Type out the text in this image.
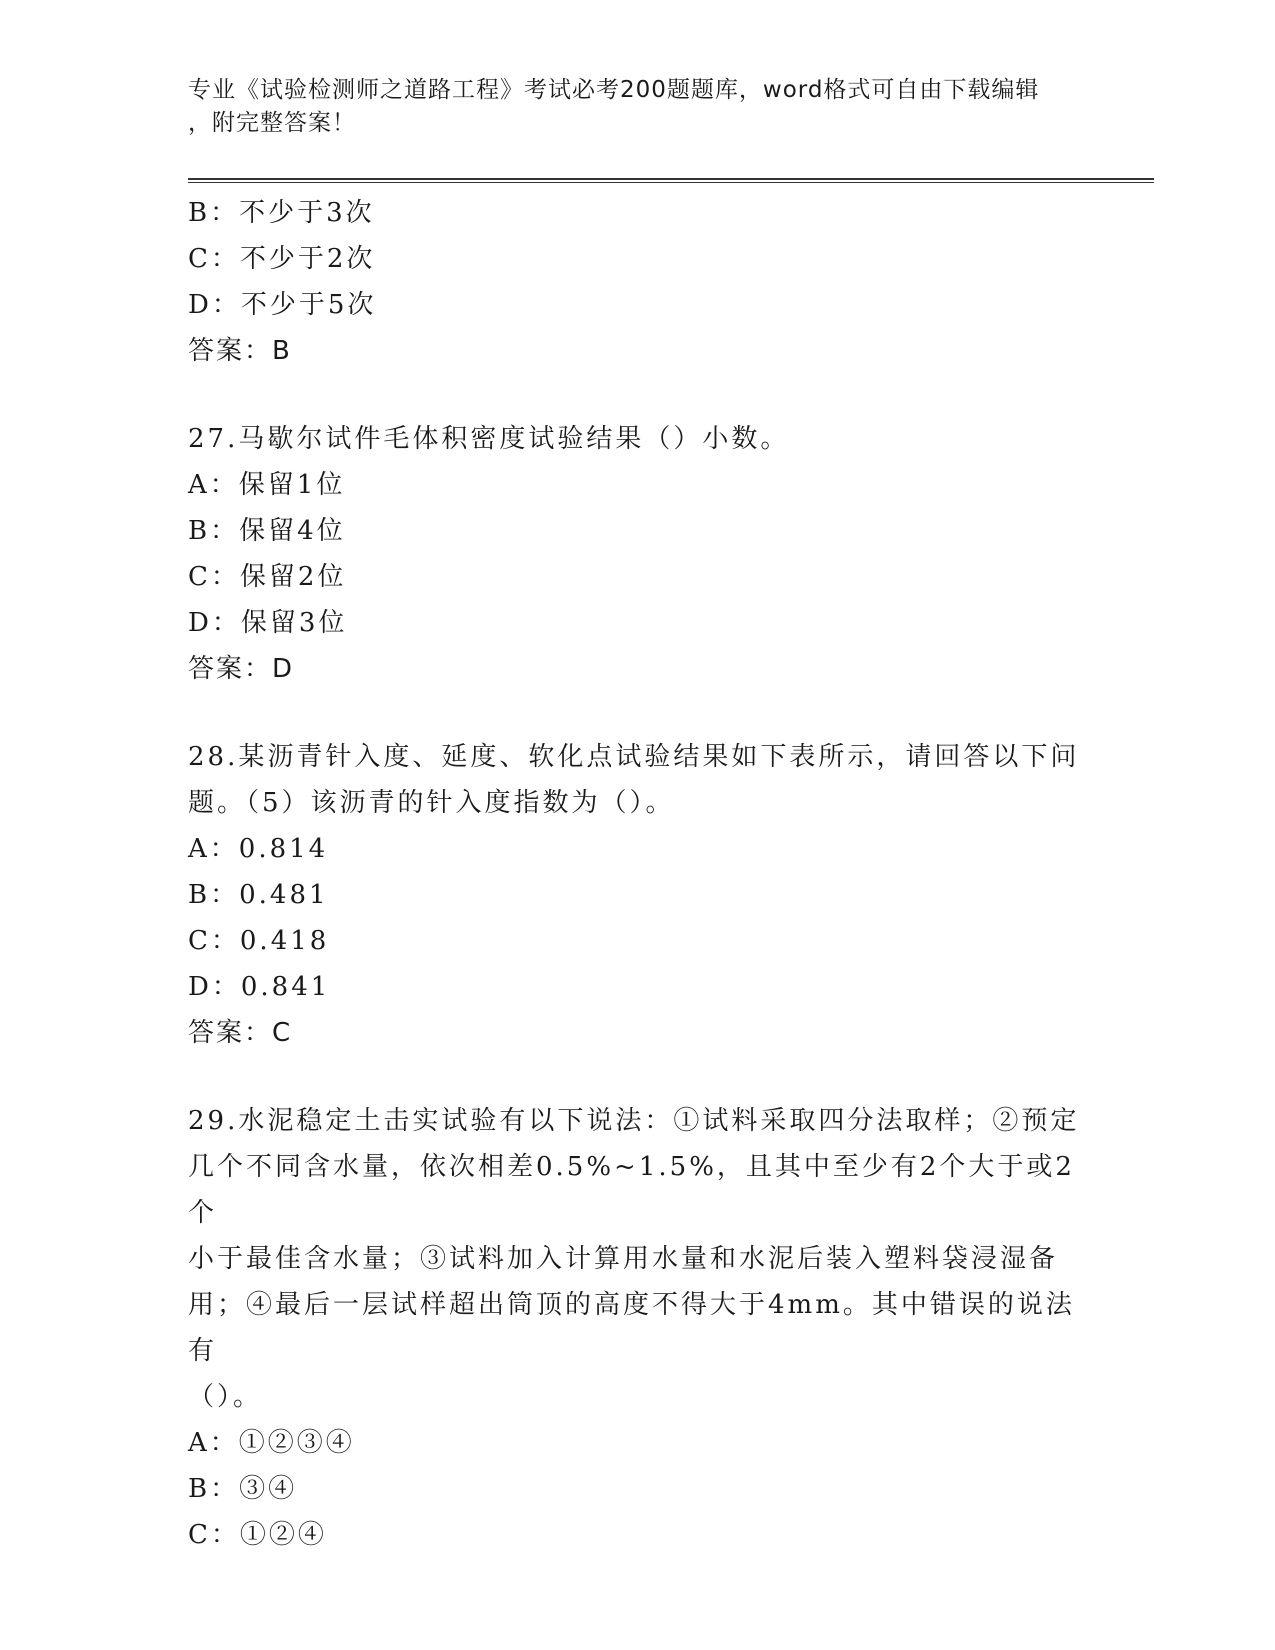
专业《试验检测师之道路工程》考试必考200题题库，word格式可自由下载编辑
，附完整答案！
B：不少于3次
C：不少于2次
D：不少于5次
答案：B
27.马歇尔试件毛体积密度试验结果（）小数。
A：保留1位
B：保留4位
C：保留2位
D：保留3位
答案：D
28.某沥青针入度、延度、软化点试验结果如下表所示，请回答以下问
题。（5）该沥青的针入度指数为（）。
A：0.814
B：0.481
C：0.418
D：0.841
答案：C
29.水泥稳定土击实试验有以下说法：①试料采取四分法取样；②预定
几个不同含水量，依次相差0.5%~1.5%，且其中至少有2个大于或2个
小于最佳含水量；③试料加入计算用水量和水泥后装入塑料袋浸湿备
用；④最后一层试样超出筒顶的高度不得大于4mm。其中错误的说法有
（）。
A：①②③④
B：③④
C：①②④
